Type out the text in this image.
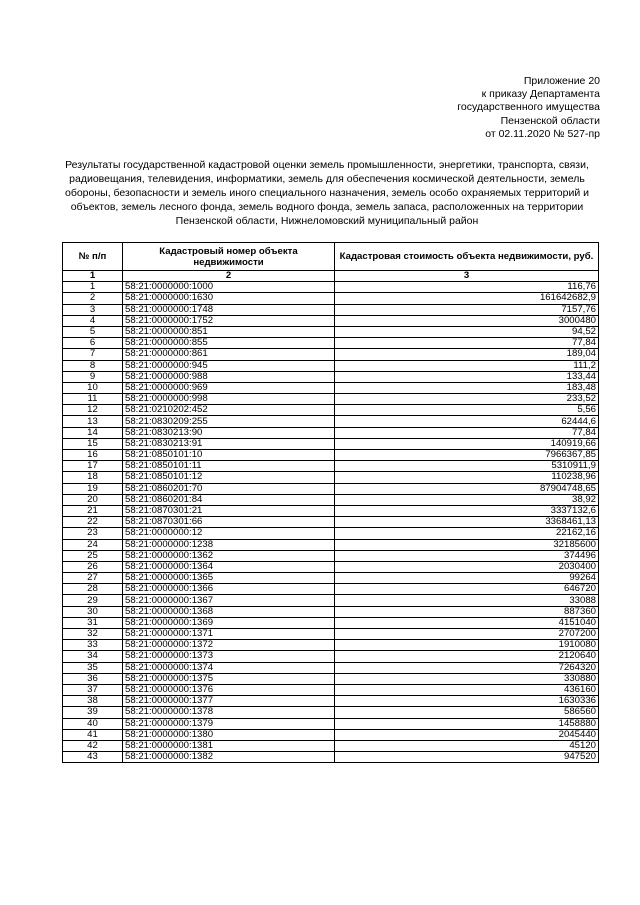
Приложение 20
к приказу Департамента
государственного имущества
Пензенской области
от 02.11.2020 № 527-пр
Результаты государственной кадастровой оценки земель промышленности, энергетики, транспорта, связи, радиовещания, телевидения, информатики, земель для обеспечения космической деятельности, земель обороны, безопасности и земель иного специального назначения, земель особо охраняемых территорий и объектов, земель лесного фонда, земель водного фонда, земель запаса, расположенных на территории Пензенской области, Нижнеломовский муниципальный район
№ п/п	Кадастровый номер объекта недвижимости	Кадастровая стоимость объекта недвижимости, руб.
1	2	3
1	58:21:0000000:1000	116,76
2	58:21:0000000:1630	161642682,9
3	58:21:0000000:1748	7157,76
4	58:21:0000000:1752	3000480
5	58:21:0000000:851	94,52
6	58:21:0000000:855	77,84
7	58:21:0000000:861	189,04
8	58:21:0000000:945	111,2
9	58:21:0000000:988	133,44
10	58:21:0000000:969	183,48
11	58:21:0000000:998	233,52
12	58:21:0210202:452	5,56
13	58:21:0830209:255	62444,6
14	58:21:0830213:90	77,84
15	58:21:0830213:91	140919,66
16	58:21:0850101:10	7966367,85
17	58:21:0850101:11	5310911,9
18	58:21:0850101:12	110238,96
19	58:21:0860201:70	87904748,65
20	58:21:0860201:84	38,92
21	58:21:0870301:21	3337132,6
22	58:21:0870301:66	3368461,13
23	58:21:0000000:12	22162,16
24	58:21:0000000:1238	32185600
25	58:21:0000000:1362	374496
26	58:21:0000000:1364	2030400
27	58:21:0000000:1365	99264
28	58:21:0000000:1366	646720
29	58:21:0000000:1367	33088
30	58:21:0000000:1368	887360
31	58:21:0000000:1369	4151040
32	58:21:0000000:1371	2707200
33	58:21:0000000:1372	1910080
34	58:21:0000000:1373	2120640
35	58:21:0000000:1374	7264320
36	58:21:0000000:1375	330880
37	58:21:0000000:1376	436160
38	58:21:0000000:1377	1630336
39	58:21:0000000:1378	586560
40	58:21:0000000:1379	1458880
41	58:21:0000000:1380	2045440
42	58:21:0000000:1381	45120
43	58:21:0000000:1382	947520
